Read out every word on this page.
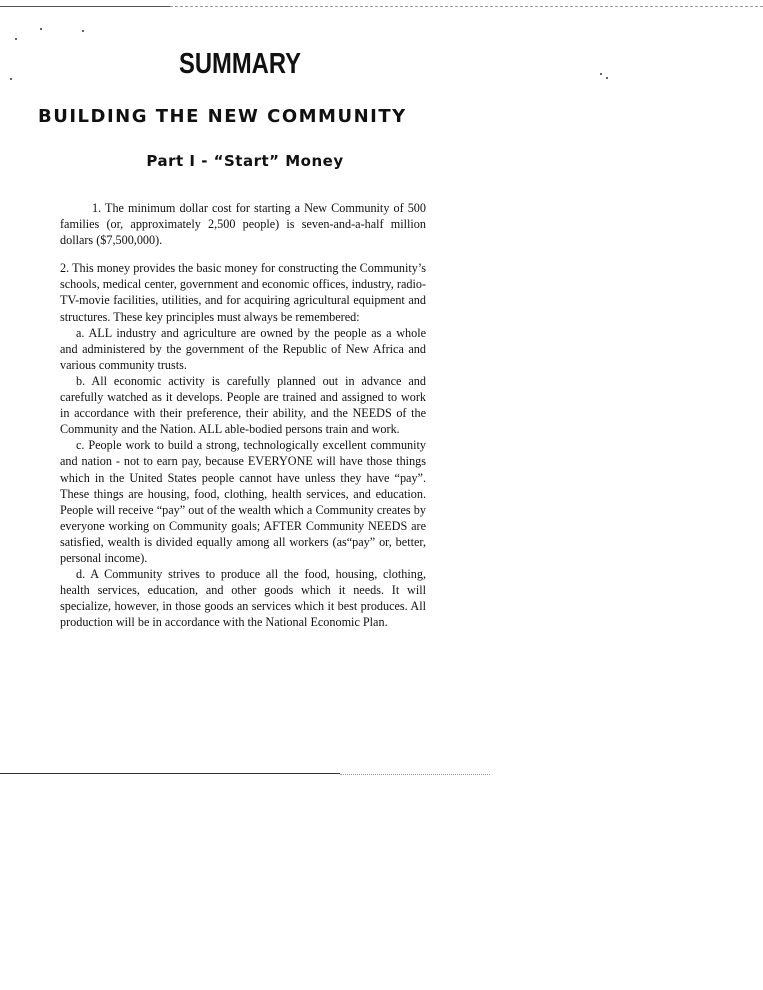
SUMMARY
BUILDING THE NEW COMMUNITY
Part I - “Start” Money

1. The minimum dollar cost for starting a New Community of 500 families (or, approximately 2,500 people) is seven-and-a-half million dollars ($7,500,000).

2. This money provides the basic money for constructing the Community’s schools, medical center, government and economic offices, industry, radio- TV-movie facilities, utilities, and for acquiring agricultural equipment and structures. These key principles must always be remembered:

a. ALL industry and agriculture are owned by the people as a whole and administered by the government of the Republic of New Africa and various community trusts.

b. All economic activity is carefully planned out in advance and carefully watched as it develops. People are trained and assigned to work in accordance with their preference, their ability, and the NEEDS of the Community and the Nation. ALL able-bodied persons train and work.

c. People work to build a strong, technologically excellent community and nation - not to earn pay, because EVERYONE will have those things which in the United States people cannot have unless they have “pay”. These things are housing, food, clothing, health services, and education. People will receive “pay” out of the wealth which a Community creates by everyone working on Community goals; AFTER Community NEEDS are satisfied, wealth is divided equally among all workers (as“pay” or, better, personal income).

d. A Community strives to produce all the food, housing, clothing, health services, education, and other goods which it needs. It will specialize, however, in those goods an services which it best produces. All production will be in accordance with the National Economic Plan.
